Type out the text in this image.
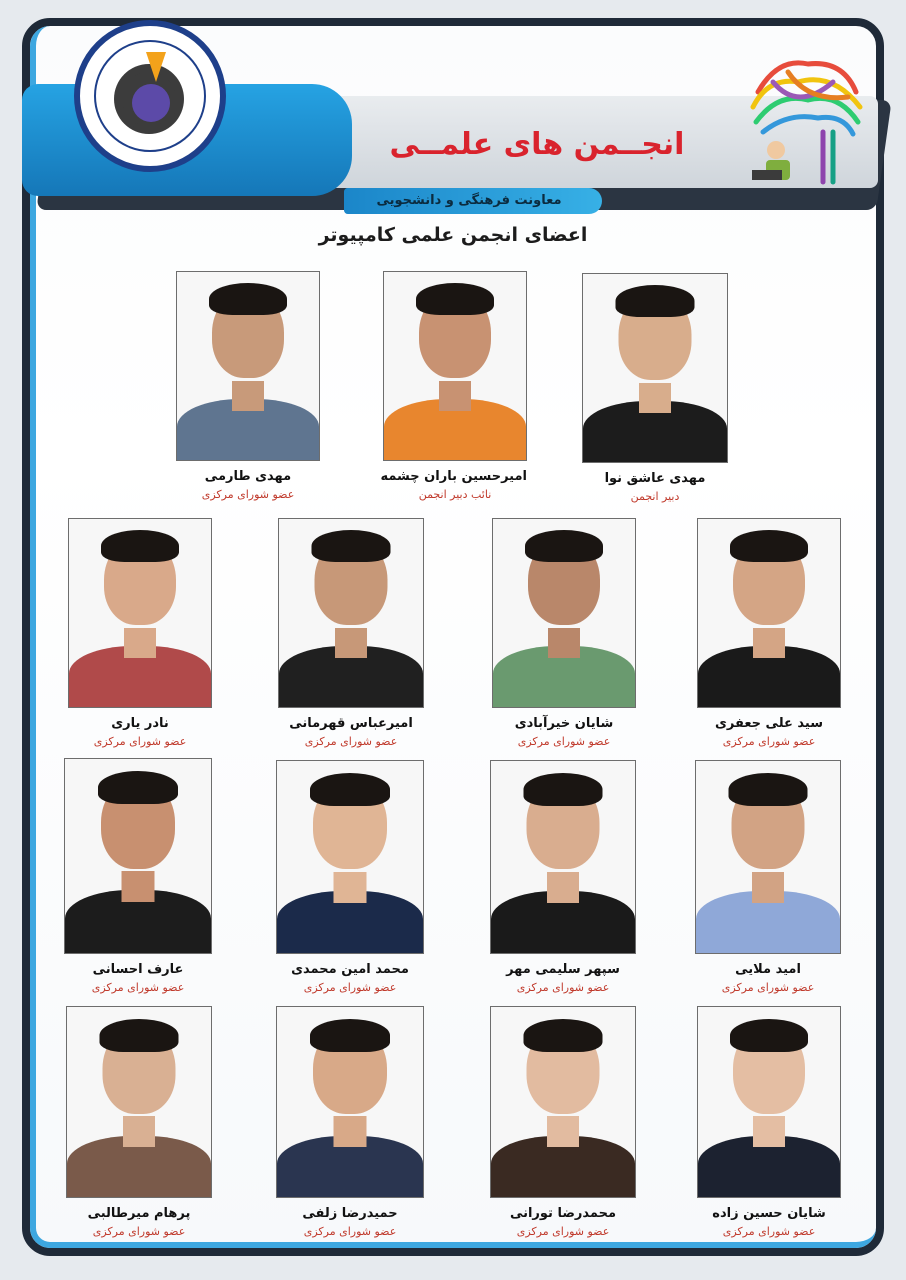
انجــمن های علمــی
معاونت فرهنگی و دانشجویی
اعضای انجمن علمی کامپیوتر
مهدی طارمی
عضو شورای مرکزی
امیرحسین باران چشمه
نائب دبیر انجمن
مهدی عاشق نوا
دبیر انجمن
نادر یاری
عضو شورای مرکزی
امیرعباس قهرمانی
عضو شورای مرکزی
شایان خیرآبادی
عضو شورای مرکزی
سید علی جعفری
عضو شورای مرکزی
عارف احسانی
عضو شورای مرکزی
محمد امین محمدی
عضو شورای مرکزی
سپهر سلیمی مهر
عضو شورای مرکزی
امید ملایی
عضو شورای مرکزی
پرهام میرطالبی
عضو شورای مرکزی
حمیدرضا زلفی
عضو شورای مرکزی
محمدرضا تورانی
عضو شورای مرکزی
شایان حسین زاده
عضو شورای مرکزی
